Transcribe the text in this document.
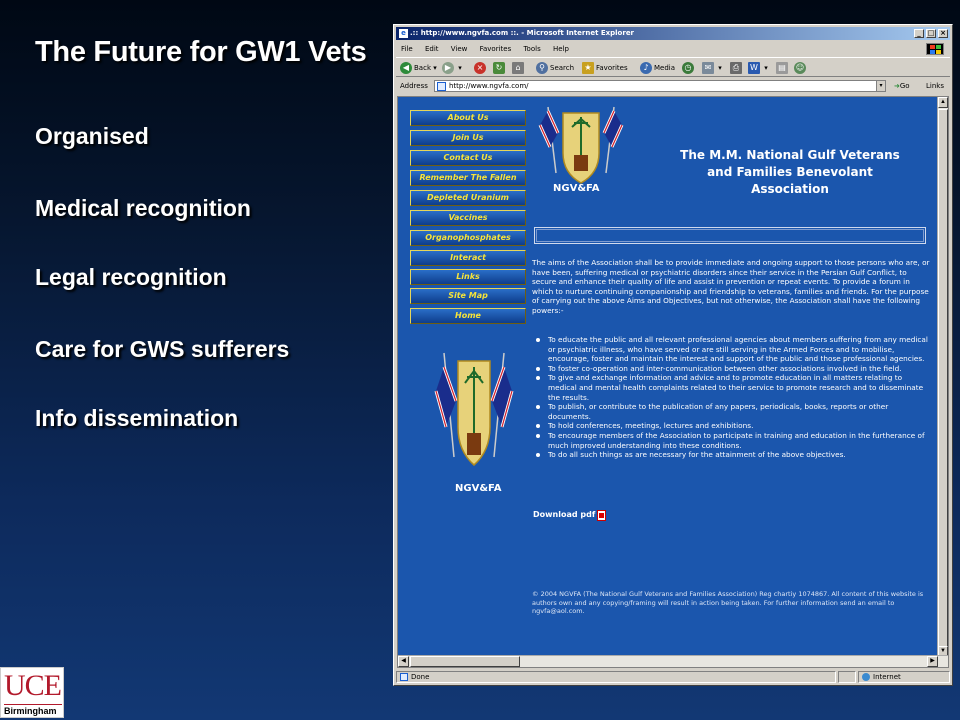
The Future for GW1 Vets
Organised
Medical recognition
Legal recognition
Care for GWS sufferers
Info dissemination
UCE
Birmingham
e .:: http://www.ngvfa.com ::. - Microsoft Internet Explorer	_ □ ×
File Edit View Favorites Tools Help
◀ Back ▾	▶ ▾	×	↻	⌂	⚲ Search	★ Favorites	♪ Media	◷	✉ ▾	⎙	W ▾ ▤	☺
Address	http://www.ngvfa.com/	▾	➜Go Links
About Us
Join Us
Contact Us
Remember The Fallen
Depleted Uranium
Vaccines
Organophosphates
Interact
Links
Site Map
Home
NGV&FA
The M.M. National Gulf Veterans
and Families Benevolant
Association
NGV&FA
The aims of the Association shall be to provide immediate and ongoing support to those persons who are, or have been, suffering medical or psychiatric disorders since their service in the Persian Gulf Conflict, to secure and enhance their quality of life and assist in prevention or repeat events. To provide a forum in which to nurture continuing companionship and friendship to veterans, families and friends. For the purpose of carrying out the above Aims and Objectives, but not otherwise, the Association shall have the following powers:-
To educate the public and all relevant professional agencies about members suffering from any medical or psychiatric illness, who have served or are still serving in the Armed Forces and to mobilise, encourage, foster and maintain the interest and support of the public and those professional agencies.
To foster co-operation and inter-communication between other associations involved in the field.
To give and exchange information and advice and to promote education in all matters relating to medical and mental health complaints related to their service to promote research and to disseminate the results.
To publish, or contribute to the publication of any papers, periodicals, books, reports or other documents.
To hold conferences, meetings, lectures and exhibitions.
To encourage members of the Association to participate in training and education in the furtherance of much improved understanding into these conditions.
To do all such things as are necessary for the attainment of the above objectives.
Download pdf
© 2004 NGVFA (The National Gulf Veterans and Families Association) Reg chartiy 1074867. All content of this website is authors own and any copying/framing will result in action being taken. For further information send an email to ngvfa@aol.com.
▲
▼
◀	▶
Done	Internet
